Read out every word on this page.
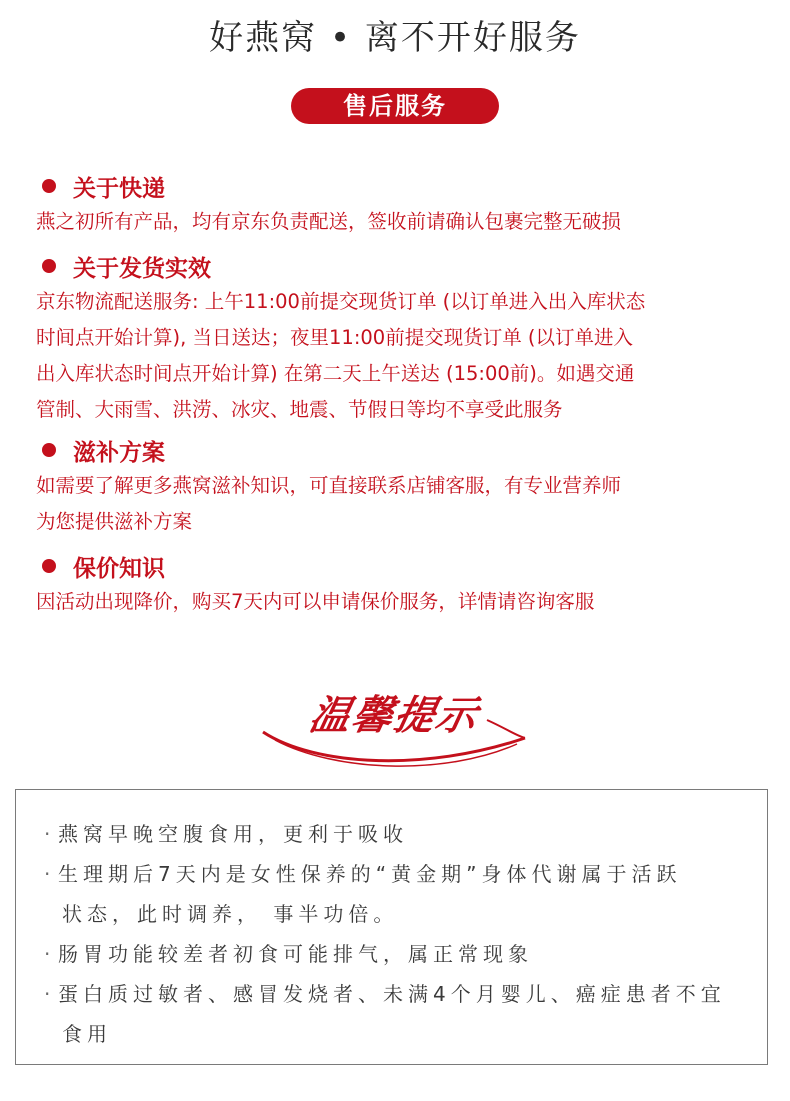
好燕窝 • 离不开好服务
售后服务
关于快递
燕之初所有产品，均有京东负责配送，签收前请确认包裹完整无破损
关于发货实效
京东物流配送服务: 上午11:00前提交现货订单 (以订单进入出入库状态
时间点开始计算), 当日送达；夜里11:00前提交现货订单 (以订单进入
出入库状态时间点开始计算) 在第二天上午送达 (15:00前)。如遇交通
管制、大雨雪、洪涝、冰灾、地震、节假日等均不享受此服务
滋补方案
如需要了解更多燕窝滋补知识，可直接联系店铺客服，有专业营养师
为您提供滋补方案
保价知识
因活动出现降价，购买7天内可以申请保价服务，详情请咨询客服
温馨提示
· 燕窝早晚空腹食用，更利于吸收
· 生理期后7天内是女性保养的“黄金期”身体代谢属于活跃
状态，此时调养， 事半功倍。
· 肠胃功能较差者初食可能排气，属正常现象
· 蛋白质过敏者、感冒发烧者、未满4个月婴儿、癌症患者不宜
食用
